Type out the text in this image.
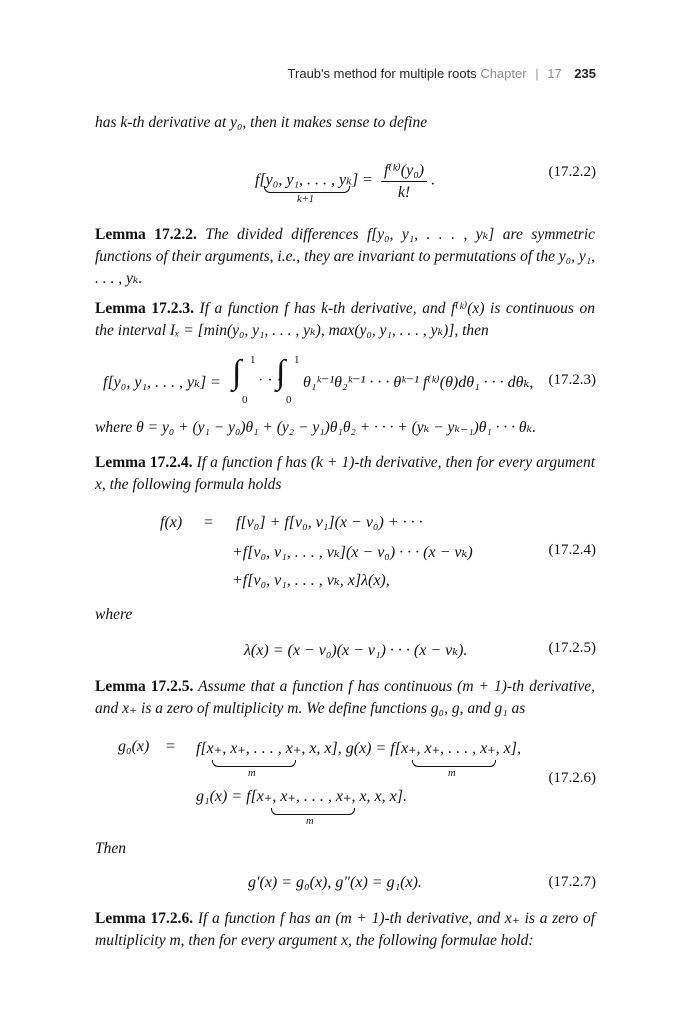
Traub's method for multiple roots Chapter | 17 235
has k-th derivative at y₀, then it makes sense to define
f[y₀, y₁, . . . , $y_k] = \frac{\text{f⁽ᵏ⁾(y₀)}}{k!}$ .
k+1
(17.2.2)
Lemma 17.2.2. The divided differences f[y₀, y₁, . . . , yₖ] are symmetric functions of their arguments, i.e., they are invariant to permutations of the y₀, y₁, . . . , yₖ.
Lemma 17.2.3. If a function f has k-th derivative, and f⁽ᵏ⁾(x) is continuous on the interval Iₓ = [min(y₀, y₁, . . . , yₖ), max(y₀, y₁, . . . , yₖ)], then
f[y₀, y₁, . . . , yₖ] = ∫ 1
0
· · ·
∫ 1
0
θ₁ᵏ⁻¹θ₂ᵏ⁻¹ · · · θᵏ⁻¹ f⁽ᵏ⁾(θ)dθ₁ · · · dθₖ, (17.2.3)
where θ = y₀ + (y₁ − y₀)θ₁ + (y₂ − y₁)θ₁θ₂ + · · · + (yₖ − yₖ₋₁)θ₁ · · · θₖ.
Lemma 17.2.4. If a function f has (k + 1)-th derivative, then for every argument x, the following formula holds
f(x) = f[v₀] + f[v₀, v₁](x − v₀) + · · ·
+f[v₀, v₁, . . . , vₖ](x − v₀) · · · (x − vₖ)
+f[v₀, v₁, . . . , vₖ, x]λ(x),
(17.2.4)
where
λ(x) = (x − v₀)(x − v₁) · · · (x − vₖ).	(17.2.5)
Lemma 17.2.5. Assume that a function f has continuous (m + 1)-th derivative, and x₊ is a zero of multiplicity m. We define functions g₀, g, and g₁ as
g₀(x) = f[x₊, x₊, . . . , x₊, x, x], g(x) = f[x₊, x₊, . . . , x₊, x],
m	m	(17.2.6)
g₁(x) = f[x₊, x₊, . . . , x₊, x, x, x].
m
Then
g′(x) = g₀(x), g″(x) = g₁(x).	(17.2.7)
Lemma 17.2.6. If a function f has an (m + 1)-th derivative, and x₊ is a zero of multiplicity m, then for every argument x, the following formulae hold:
